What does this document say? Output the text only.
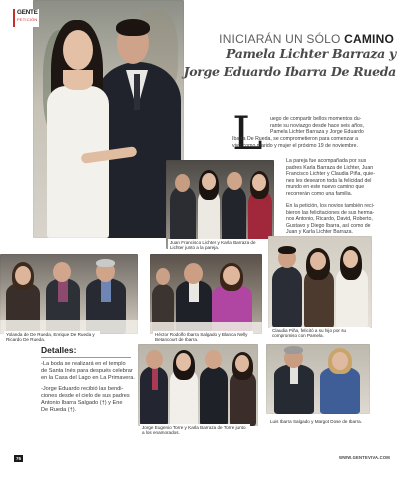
GENTE
PETICIÓN
INICIARÁN UN SÓLO CAMINO
Pamela Lichter Barraza y
Jorge Eduardo Ibarra De Rueda
L uego de compartir bellos momentos du-
rante su noviazgo desde hace seis años,
Pamela Lichter Barraza y Jorge Eduardo
Ibarra De Rueda, se comprometieron para comenzar a
vivir como marido y mujer el próximo 19 de noviembre.
La pareja fue acompañada por sus
padres Karla Barraza de Lichter, Juan
Francisco Lichter y Claudia Piña, quie-
nes les desearon toda la felicidad del
mundo en este nuevo camino que
recorrerán como una familia.
En la petición, los novios también reci-
bieron las felicitaciones de sus herma-
nos Antonio, Ricardo, David, Roberto,
Gustavo y Diego Ibarra, así como de
Juan y Karla Lichter Barraza.
Juan Francisco Lichter y Karla Barraza de Lichter junto a la pareja.
Yolanda de De Rueda, Enrique De Rueda y Ricardo De Rueda.
Héctor Rodolfo Ibarra Salgado y Blanca Nelly Betancourt de Ibarra.
Claudia Piña, felicitó a su hijo por su compromiso con Pamela.
Detalles:
-La boda se realizará en el templo
de Santa Inés para después celebrar
en la Casa del Lago en La Primavera.
-Jorge Eduardo recibió las bendi-
ciones desde el cielo de sus padres
Antonio Ibarra Salgado (†) y Ene
De Rueda (†).
Jorge Eugenio Torre y Karla Barraza de Torre junto a los enamorados.
Luis Ibarra Salgado y Margot Dose de Ibarra.
76	WWW.GENTEVIVA.COM
